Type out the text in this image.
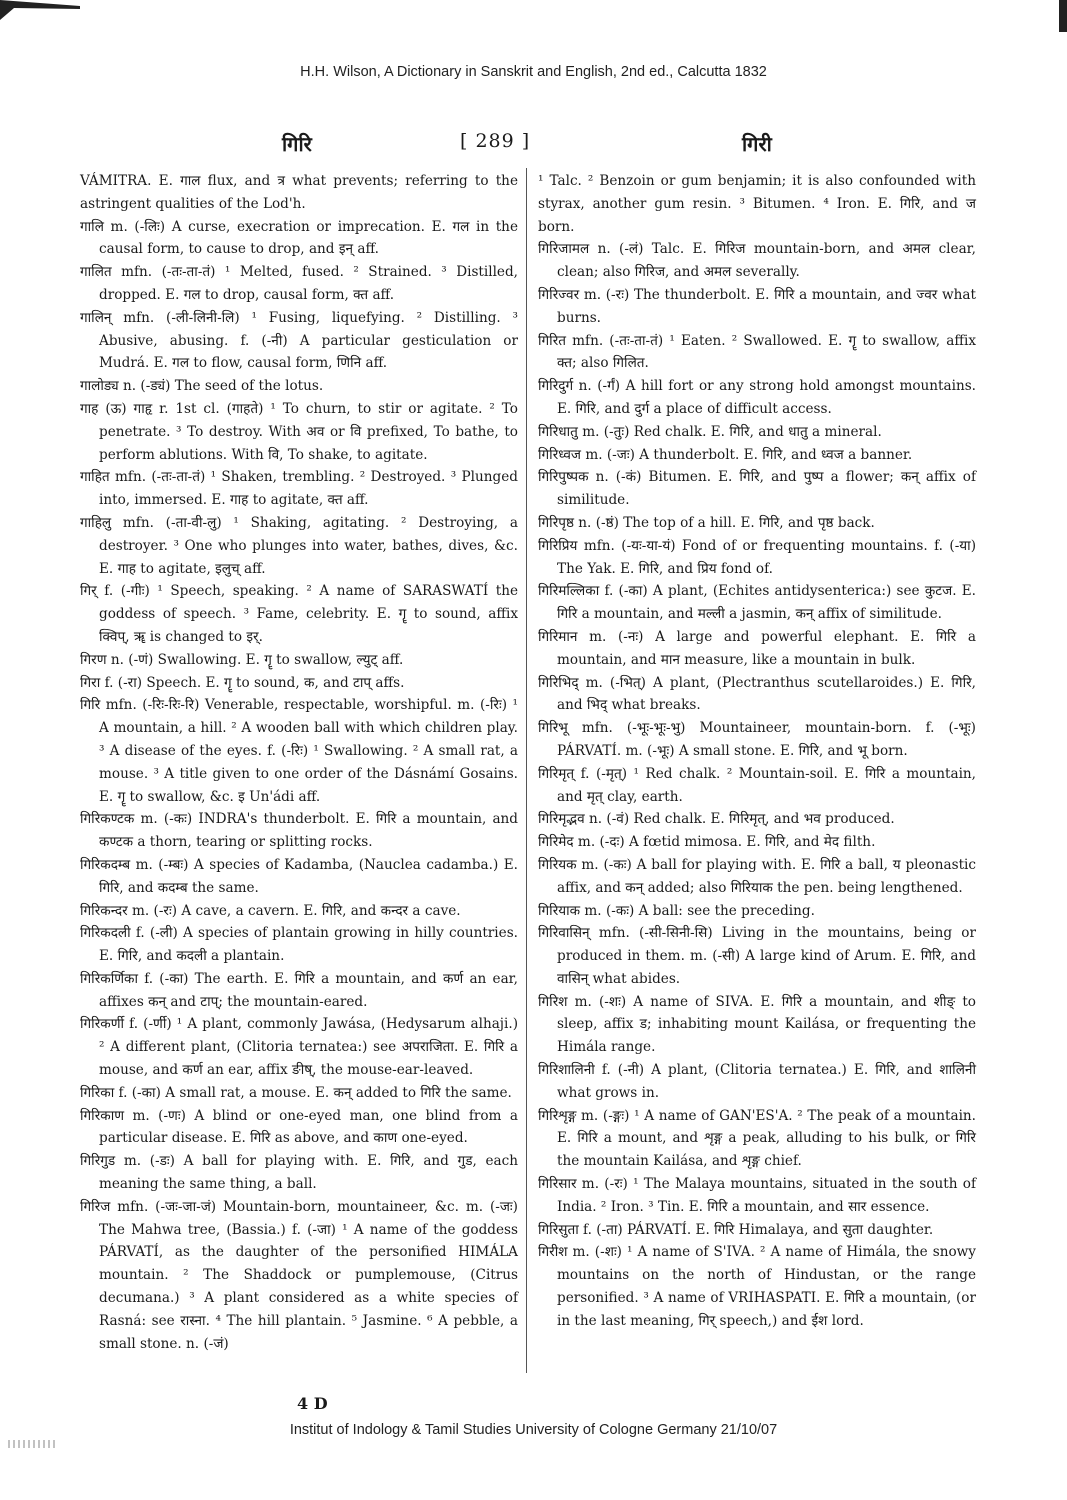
H.H. Wilson, A Dictionary in Sanskrit and English, 2nd ed., Calcutta 1832
गिरि	[ 289 ]	गिरी

VÁMITRA. E. गाल flux, and त्र what prevents; referring to the astringent qualities of the Lod'h.

गालि m. (-लिः) A curse, execration or imprecation. E. गल in the causal form, to cause to drop, and इन् aff.

गालित mfn. (-तः-ता-तं) ¹ Melted, fused. ² Strained. ³ Distilled, dropped. E. गल to drop, causal form, क्त aff.

गालिन् mfn. (-ली-लिनी-लि) ¹ Fusing, liquefying. ² Distilling. ³ Abusive, abusing. f. (-नी) A particular gesticulation or Mudrá. E. गल to flow, causal form, णिनि aff.

गालोड्य n. (-ड्यं) The seed of the lotus.

गाह (ऊ) गाहृ r. 1st cl. (गाहते) ¹ To churn, to stir or agitate. ² To penetrate. ³ To destroy. With अव or वि prefixed, To bathe, to perform ablutions. With वि, To shake, to agitate.

गाहित mfn. (-तः-ता-तं) ¹ Shaken, trembling. ² Destroyed. ³ Plunged into, immersed. E. गाह to agitate, क्त aff.

गाहिलु mfn. (-ता-वी-लु) ¹ Shaking, agitating. ² Destroying, a destroyer. ³ One who plunges into water, bathes, dives, &c. E. गाह to agitate, इलुच् aff.

गिर् f. (-गीः) ¹ Speech, speaking. ² A name of SARASWATÍ the goddess of speech. ³ Fame, celebrity. E. गॄ to sound, affix क्विप्, ॠ is changed to इर्.

गिरण n. (-णं) Swallowing. E. गॄ to swallow, ल्युट् aff.

गिरा f. (-रा) Speech. E. गॄ to sound, क, and टाप् affs.

गिरि mfn. (-रिः-रिः-रि) Venerable, respectable, worshipful. m. (-रिः) ¹ A mountain, a hill. ² A wooden ball with which children play. ³ A disease of the eyes. f. (-रिः) ¹ Swallowing. ² A small rat, a mouse. ³ A title given to one order of the Dásnámí Gosains. E. गॄ to swallow, &c. इ Un'ádi aff.

गिरिकण्टक m. (-कः) INDRA's thunderbolt. E. गिरि a mountain, and कण्टक a thorn, tearing or splitting rocks.

गिरिकदम्ब m. (-म्बः) A species of Kadamba, (Nauclea cadamba.) E. गिरि, and कदम्ब the same.

गिरिकन्दर m. (-रः) A cave, a cavern. E. गिरि, and कन्दर a cave.

गिरिकदली f. (-ली) A species of plantain growing in hilly countries. E. गिरि, and कदली a plantain.

गिरिकर्णिका f. (-का) The earth. E. गिरि a mountain, and कर्ण an ear, affixes कन् and टाप्; the mountain-eared.

गिरिकर्णी f. (-र्णी) ¹ A plant, commonly Jawása, (Hedysarum alhaji.) ² A different plant, (Clitoria ternatea:) see अपराजिता. E. गिरि a mouse, and कर्ण an ear, affix ङीष्, the mouse-ear-leaved.

गिरिका f. (-का) A small rat, a mouse. E. कन् added to गिरि the same.

गिरिकाण m. (-णः) A blind or one-eyed man, one blind from a particular disease. E. गिरि as above, and काण one-eyed.

गिरिगुड m. (-डः) A ball for playing with. E. गिरि, and गुड, each meaning the same thing, a ball.

गिरिज mfn. (-जः-जा-जं) Mountain-born, mountaineer, &c. m. (-जः) The Mahwa tree, (Bassia.) f. (-जा) ¹ A name of the goddess PÁRVATÍ, as the daughter of the personified HIMÁLA mountain. ² The Shaddock or pumplemouse, (Citrus decumana.) ³ A plant considered as a white species of Rasná: see रास्ना. ⁴ The hill plantain. ⁵ Jasmine. ⁶ A pebble, a small stone. n. (-जं)

¹ Talc. ² Benzoin or gum benjamin; it is also confounded with styrax, another gum resin. ³ Bitumen. ⁴ Iron. E. गिरि, and ज born.

गिरिजामल n. (-लं) Talc. E. गिरिज mountain-born, and अमल clear, clean; also गिरिज, and अमल severally.

गिरिज्वर m. (-रः) The thunderbolt. E. गिरि a mountain, and ज्वर what burns.

गिरित mfn. (-तः-ता-तं) ¹ Eaten. ² Swallowed. E. गॄ to swallow, affix क्त; also गिलित.

गिरिदुर्ग n. (-र्गं) A hill fort or any strong hold amongst mountains. E. गिरि, and दुर्ग a place of difficult access.

गिरिधातु m. (-तुः) Red chalk. E. गिरि, and धातु a mineral.

गिरिध्वज m. (-जः) A thunderbolt. E. गिरि, and ध्वज a banner.

गिरिपुष्पक n. (-कं) Bitumen. E. गिरि, and पुष्प a flower; कन् affix of similitude.

गिरिपृष्ठ n. (-ष्ठं) The top of a hill. E. गिरि, and पृष्ठ back.

गिरिप्रिय mfn. (-यः-या-यं) Fond of or frequenting mountains. f. (-या) The Yak. E. गिरि, and प्रिय fond of.

गिरिमल्लिका f. (-का) A plant, (Echites antidysenterica:) see कुटज. E. गिरि a mountain, and मल्ली a jasmin, कन् affix of similitude.

गिरिमान m. (-नः) A large and powerful elephant. E. गिरि a mountain, and मान measure, like a mountain in bulk.

गिरिभिद् m. (-भित्) A plant, (Plectranthus scutellaroides.) E. गिरि, and भिद् what breaks.

गिरिभू mfn. (-भूः-भूः-भु) Mountaineer, mountain-born. f. (-भूः) PÁRVATÍ. m. (-भूः) A small stone. E. गिरि, and भू born.

गिरिमृत् f. (-मृत्) ¹ Red chalk. ² Mountain-soil. E. गिरि a mountain, and मृत् clay, earth.

गिरिमृद्भव n. (-वं) Red chalk. E. गिरिमृत्, and भव produced.

गिरिमेद m. (-दः) A fœtid mimosa. E. गिरि, and मेद filth.

गिरियक m. (-कः) A ball for playing with. E. गिरि a ball, य pleonastic affix, and कन् added; also गिरियाक the pen. being lengthened.

गिरियाक m. (-कः) A ball: see the preceding.

गिरिवासिन् mfn. (-सी-सिनी-सि) Living in the mountains, being or produced in them. m. (-सी) A large kind of Arum. E. गिरि, and वासिन् what abides.

गिरिश m. (-शः) A name of SIVA. E. गिरि a mountain, and शीङ् to sleep, affix ड; inhabiting mount Kailása, or frequenting the Himála range.

गिरिशालिनी f. (-नी) A plant, (Clitoria ternatea.) E. गिरि, and शालिनी what grows in.

गिरिशृङ्ग m. (-ङ्गः) ¹ A name of GAN'ES'A. ² The peak of a mountain. E. गिरि a mount, and शृङ्ग a peak, alluding to his bulk, or गिरि the mountain Kailása, and शृङ्ग chief.

गिरिसार m. (-रः) ¹ The Malaya mountains, situated in the south of India. ² Iron. ³ Tin. E. गिरि a mountain, and सार essence.

गिरिसुता f. (-ता) PÁRVATÍ. E. गिरि Himalaya, and सुता daughter.

गिरीश m. (-शः) ¹ A name of S'IVA. ² A name of Himála, the snowy mountains on the north of Hindustan, or the range personified. ³ A name of VRIHASPATI. E. गिरि a mountain, (or in the last meaning, गिर् speech,) and ईश lord.

4 D
Institut of Indology & Tamil Studies University of Cologne Germany 21/10/07
